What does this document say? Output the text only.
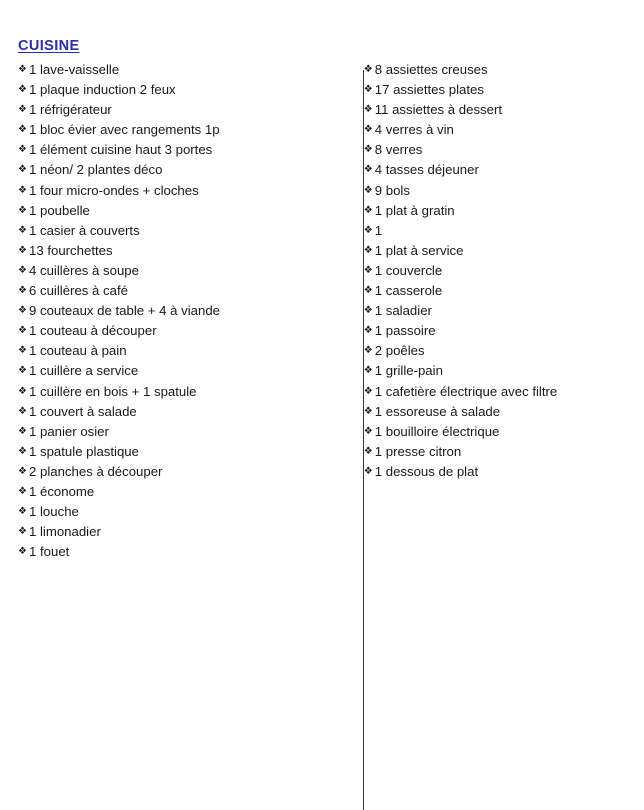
CUISINE
❖ 1 lave-vaisselle
❖ 1 plaque induction 2 feux
❖ 1 réfrigérateur
❖ 1 bloc évier avec rangements 1p
❖ 1 élément cuisine haut 3 portes
❖ 1 néon/ 2 plantes déco
❖ 1 four micro-ondes + cloches
❖ 1 poubelle
❖ 1 casier à couverts
❖ 13 fourchettes
❖ 4 cuillères à soupe
❖ 6 cuillères à café
❖ 9 couteaux de table + 4 à viande
❖ 1 couteau à découper
❖ 1 couteau à pain
❖ 1 cuillère a service
❖ 1 cuillère en bois + 1 spatule
❖ 1 couvert à salade
❖ 1 panier osier
❖ 1 spatule plastique
❖ 2 planches à découper
❖ 1 économe
❖ 1 louche
❖ 1 limonadier
❖ 1 fouet
❖ 8 assiettes creuses
❖ 17 assiettes plates
❖ 11 assiettes à dessert
❖ 4 verres à vin
❖ 8 verres
❖ 4 tasses déjeuner
❖ 9 bols
❖ 1 plat à gratin
❖ 1
❖ 1 plat à service
❖ 1 couvercle
❖ 1 casserole
❖ 1 saladier
❖ 1 passoire
❖ 2 poêles
❖ 1 grille-pain
❖ 1 cafetière électrique avec filtre
❖ 1 essoreuse à salade
❖ 1 bouilloire électrique
❖ 1 presse citron
❖ 1 dessous de plat
